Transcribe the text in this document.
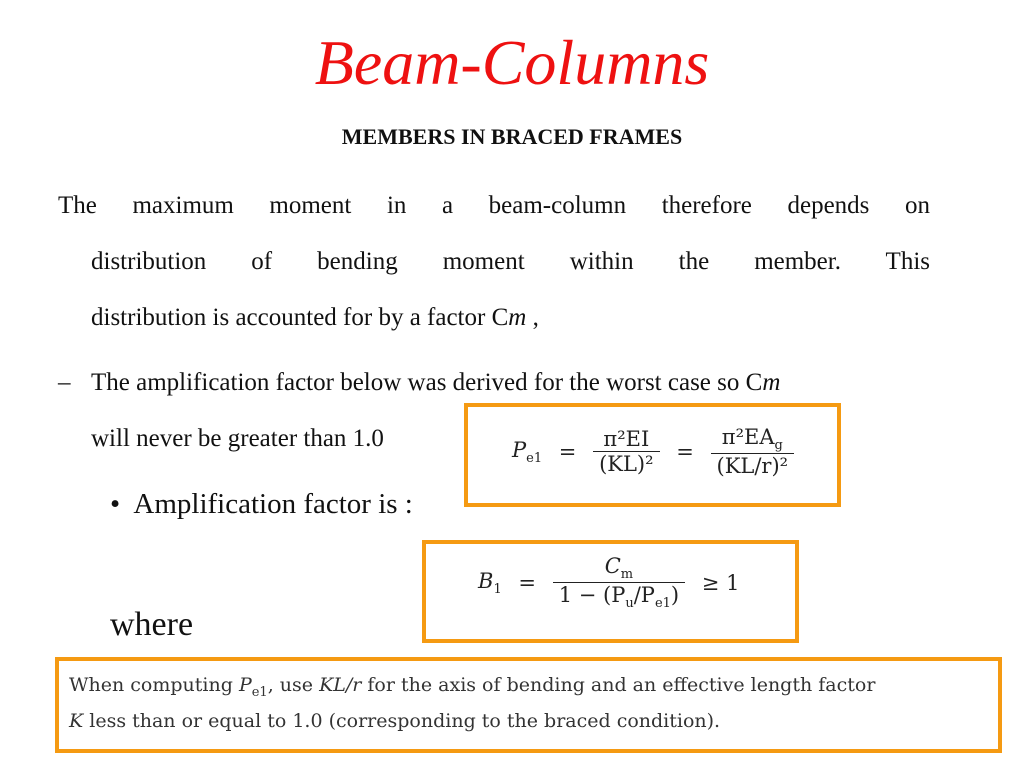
Beam-Columns
MEMBERS IN BRACED FRAMES
The maximum moment in a beam-column therefore depends on
distribution of bending moment within the member. This
distribution is accounted for by a factor Cm ,
– The amplification factor below was derived for the worst case so Cm
will never be greater than 1.0
• Amplification factor is :
where
$P_{e1} = \frac{\text{π²EI}}{\text{(KL)²}} = \frac{\pi^2EA_g}{\text{(KL/r)²}}$
$B_1 = \frac{C_m}{1 - (P_u/P_{e1})} \ge 1$
When computing $P_{e1}$, use KL/r for the axis of bending and an effective length factor
K less than or equal to 1.0 (corresponding to the braced condition).
